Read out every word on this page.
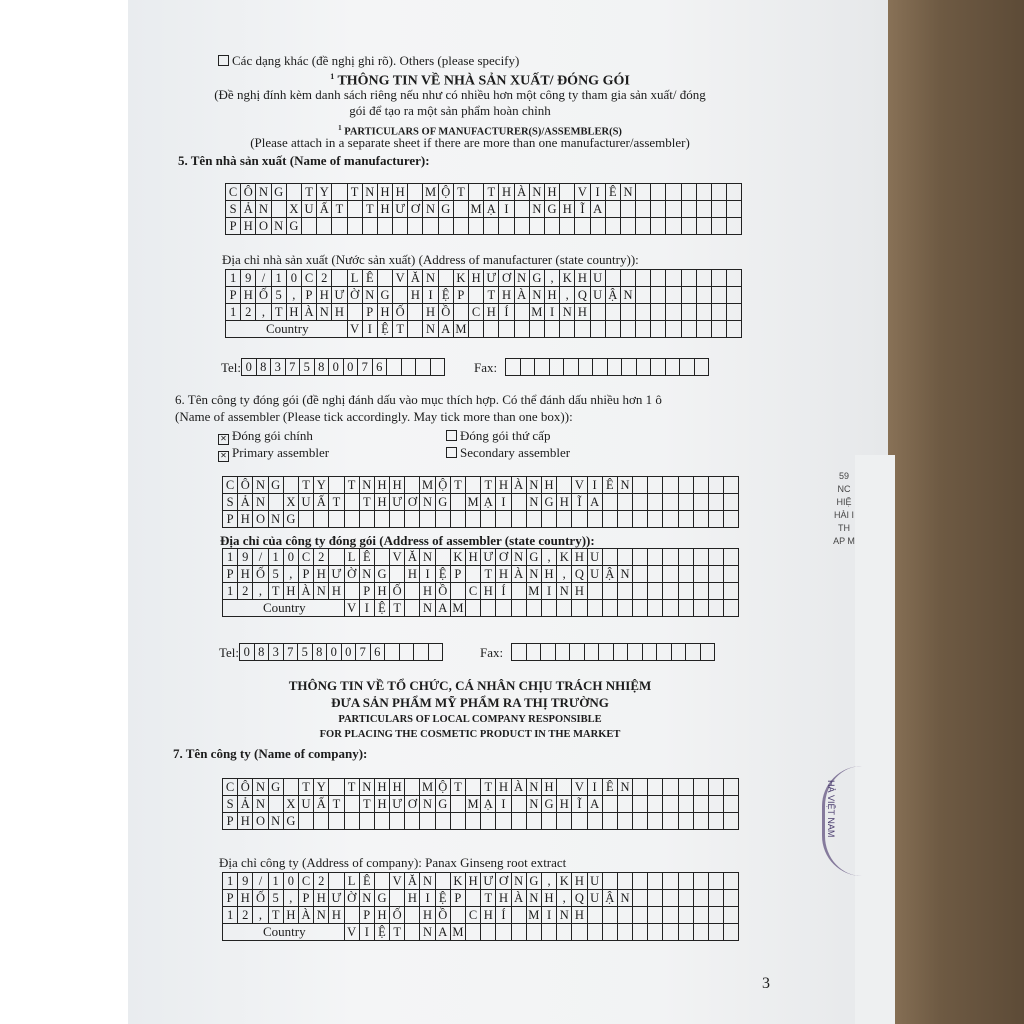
59 NC HIỆ HÀI I TH AP M
Các dạng khác (đề nghị ghi rõ). Others (please specify)
$^1$ THÔNG TIN VỀ NHÀ SẢN XUẤT/ ĐÓNG GÓI
(Đề nghị đính kèm danh sách riêng nếu như có nhiều hơn một công ty tham gia sản xuất/ đóng
gói để tạo ra một sản phẩm hoàn chỉnh
$^1$ PARTICULARS OF MANUFACTURER(S)/ASSEMBLER(S)
(Please attach in a separate sheet if there are more than one manufacturer/assembler)
5. Tên nhà sản xuất (Name of manufacturer):
C	Ô	N	G		T	Y		T	N	H	H		M	Ộ	T		T	H	À	N	H		V	I	Ê	N							
S	Ả	N		X	U	Ấ	T		T	H	Ư	Ơ	N	G		M	Ạ	I		N	G	H	Ĩ	A									
P	H	O	N	G																													
Địa chỉ nhà sản xuất (Nước sản xuất) (Address of manufacturer (state country)):
1	9	/	1	0	C	2		L	Ê		V	Ă	N		K	H	Ư	Ơ	N	G	,	K	H	U									
P	H	Ố	5	,	P	H	Ư	Ờ	N	G		H	I	Ệ	P		T	H	À	N	H	,	Q	U	Ậ	N							
1	2	,	T	H	À	N	H		P	H	Ố		H	Ồ		C	H	Í		M	I	N	H										
Country								V	I	Ệ	T		N	A	M																		
Tel: 0 8 3 7 5 8 0 0 7 6	Fax:
6. Tên công ty đóng gói (đề nghị đánh dấu vào mục thích hợp. Có thể đánh dấu nhiều hơn 1 ô
(Name of assembler (Please tick accordingly. May tick more than one box)):
✕ Đóng gói chính
✕ Primary assembler
Đóng gói thứ cấp
Secondary assembler
C	Ô	N	G		T	Y		T	N	H	H		M	Ộ	T		T	H	À	N	H		V	I	Ê	N							
S	Ả	N		X	U	Ấ	T		T	H	Ư	Ơ	N	G		M	Ạ	I		N	G	H	Ĩ	A									
P	H	O	N	G																													
Địa chỉ của công ty đóng gói (Address of assembler (state country)):
1	9	/	1	0	C	2		L	Ê		V	Ă	N		K	H	Ư	Ơ	N	G	,	K	H	U									
P	H	Ố	5	,	P	H	Ư	Ờ	N	G		H	I	Ệ	P		T	H	À	N	H	,	Q	U	Ậ	N							
1	2	,	T	H	À	N	H		P	H	Ố		H	Ồ		C	H	Í		M	I	N	H										
Country								V	I	Ệ	T		N	A	M																		
Tel: 0 8 3 7 5 8 0 0 7 6	Fax:
THÔNG TIN VỀ TỔ CHỨC, CÁ NHÂN CHỊU TRÁCH NHIỆM
ĐƯA SẢN PHẨM MỸ PHẨM RA THỊ TRƯỜNG
PARTICULARS OF LOCAL COMPANY RESPONSIBLE
FOR PLACING THE COSMETIC PRODUCT IN THE MARKET
7. Tên công ty (Name of company):
C	Ô	N	G		T	Y		T	N	H	H		M	Ộ	T		T	H	À	N	H		V	I	Ê	N							
S	Ả	N		X	U	Ấ	T		T	H	Ư	Ơ	N	G		M	Ạ	I		N	G	H	Ĩ	A									
P	H	O	N	G																													
Địa chỉ công ty (Address of company): Panax Ginseng root extract
1	9	/	1	0	C	2		L	Ê		V	Ă	N		K	H	Ư	Ơ	N	G	,	K	H	U									
P	H	Ố	5	,	P	H	Ư	Ờ	N	G		H	I	Ệ	P		T	H	À	N	H	,	Q	U	Ậ	N							
1	2	,	T	H	À	N	H		P	H	Ố		H	Ồ		C	H	Í		M	I	N	H										
Country								V	I	Ệ	T		N	A	M																		
HÀ VIỆT NAM
3
